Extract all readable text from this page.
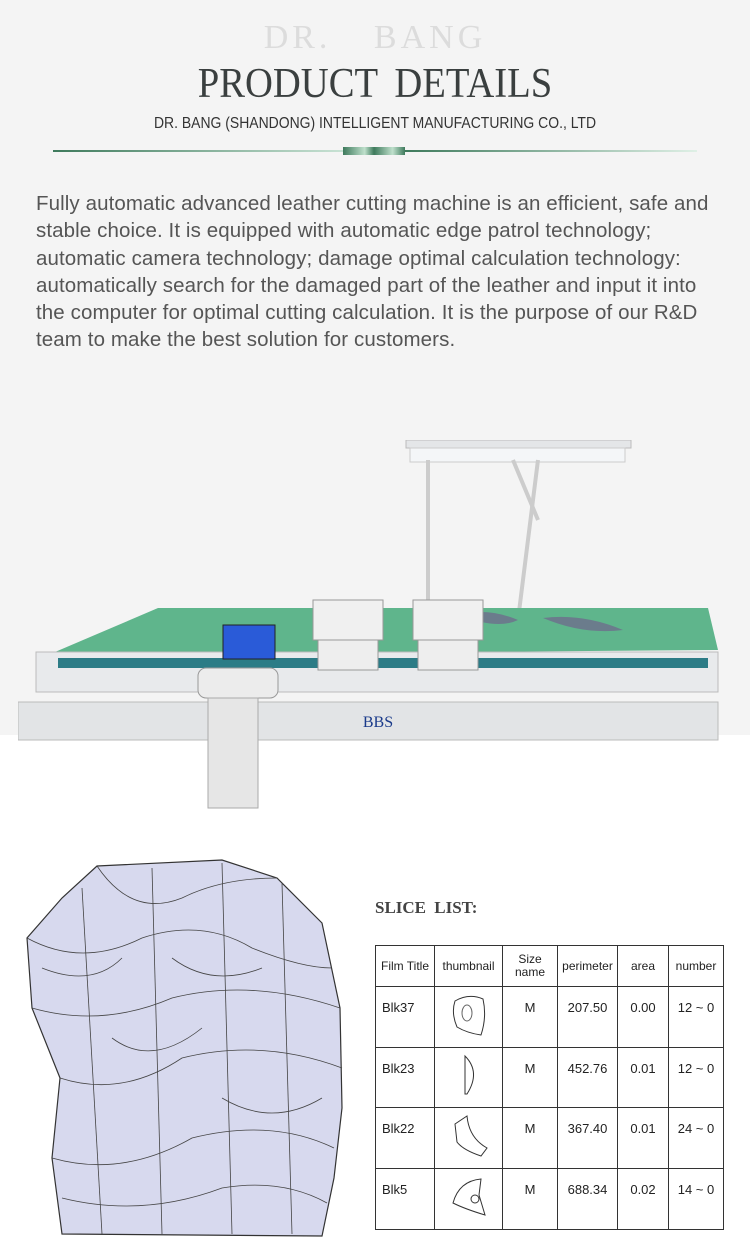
DR. BANG
PRODUCT DETAILS
DR. BANG (SHANDONG) INTELLIGENT MANUFACTURING CO., LTD
Fully automatic advanced leather cutting machine is an efficient, safe and stable choice. It is equipped with automatic edge patrol technology; automatic camera technology; damage optimal calculation technology: automatically search for the damaged part of the leather and input it into the computer for optimal cutting calculation. It is the purpose of our R&D team to make the best solution for customers.
BBS
SLICE LIST:
Film Title	thumbnail	Size name	perimeter	area	number
Blk37		M	207.50	0.00	12 ~ 0
Blk23		M	452.76	0.01	12 ~ 0
Blk22		M	367.40	0.01	24 ~ 0
Blk5		M	688.34	0.02	14 ~ 0
